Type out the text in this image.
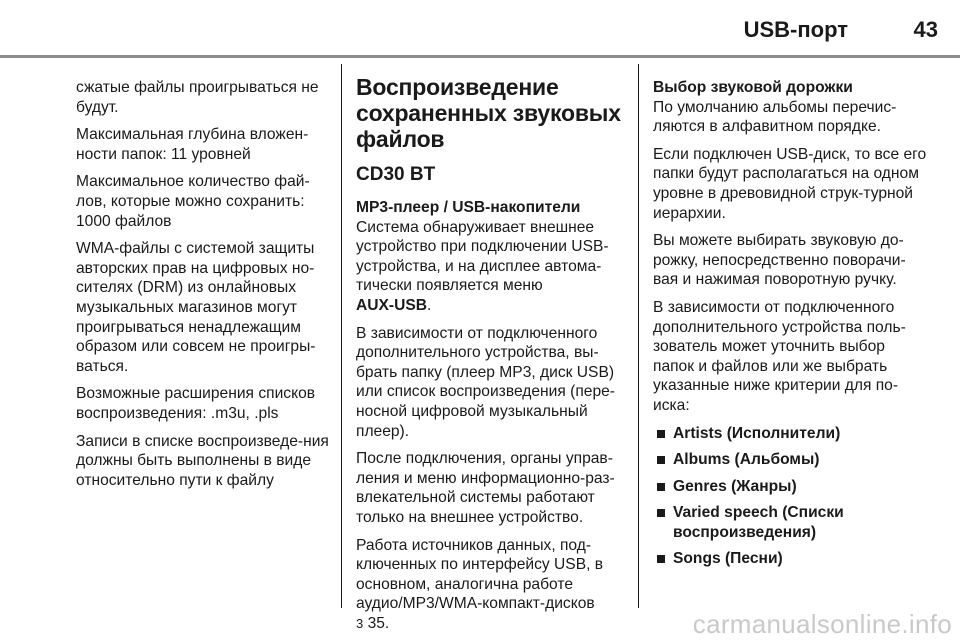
USB-порт	43

сжатые файлы проигрываться не будут.

Максимальная глубина вложен-ности папок: 11 уровней

Максимальное количество фай-лов, которые можно сохранить: 1000 файлов

WMA-файлы с системой защиты авторских прав на цифровых но-сителях (DRM) из онлайновых музыкальных магазинов могут проигрываться ненадлежащим образом или совсем не проигры-ваться.

Возможные расширения списков воспроизведения: .m3u, .pls

Записи в списке воспроизведе-ния должны быть выполнены в виде относительно пути к файлу

Воспроизведение сохраненных звуковых файлов
CD30 BT

MP3-плеер / USB-накопители
Система обнаруживает внешнее устройство при подключении USB-устройства, и на дисплее автома-тически появляется меню
AUX-USB.

В зависимости от подключенного дополнительного устройства, вы-брать папку (плеер MP3, диск USB) или список воспроизведения (пере-носной цифровой музыкальный плеер).

После подключения, органы управ-ления и меню информационно-раз-влекательной системы работают только на внешнее устройство.

Работа источников данных, под-ключенных по интерфейсу USB, в основном, аналогична работе аудио/MP3/WMA-компакт-дисков
3 35.

Выбор звуковой дорожки
По умолчанию альбомы перечис-ляются в алфавитном порядке.

Если подключен USB-диск, то все его папки будут располагаться на одном уровне в древовидной струк-турной иерархии.

Вы можете выбирать звуковую до-рожку, непосредственно поворачи-вая и нажимая поворотную ручку.

В зависимости от подключенного дополнительного устройства поль-зователь может уточнить выбор папок и файлов или же выбрать указанные ниже критерии для по-иска:

Artists (Исполнители)
Albums (Альбомы)
Genres (Жанры)
Varied speech (Списки воспроизведения)
Songs (Песни)
carmanualsonline.info
